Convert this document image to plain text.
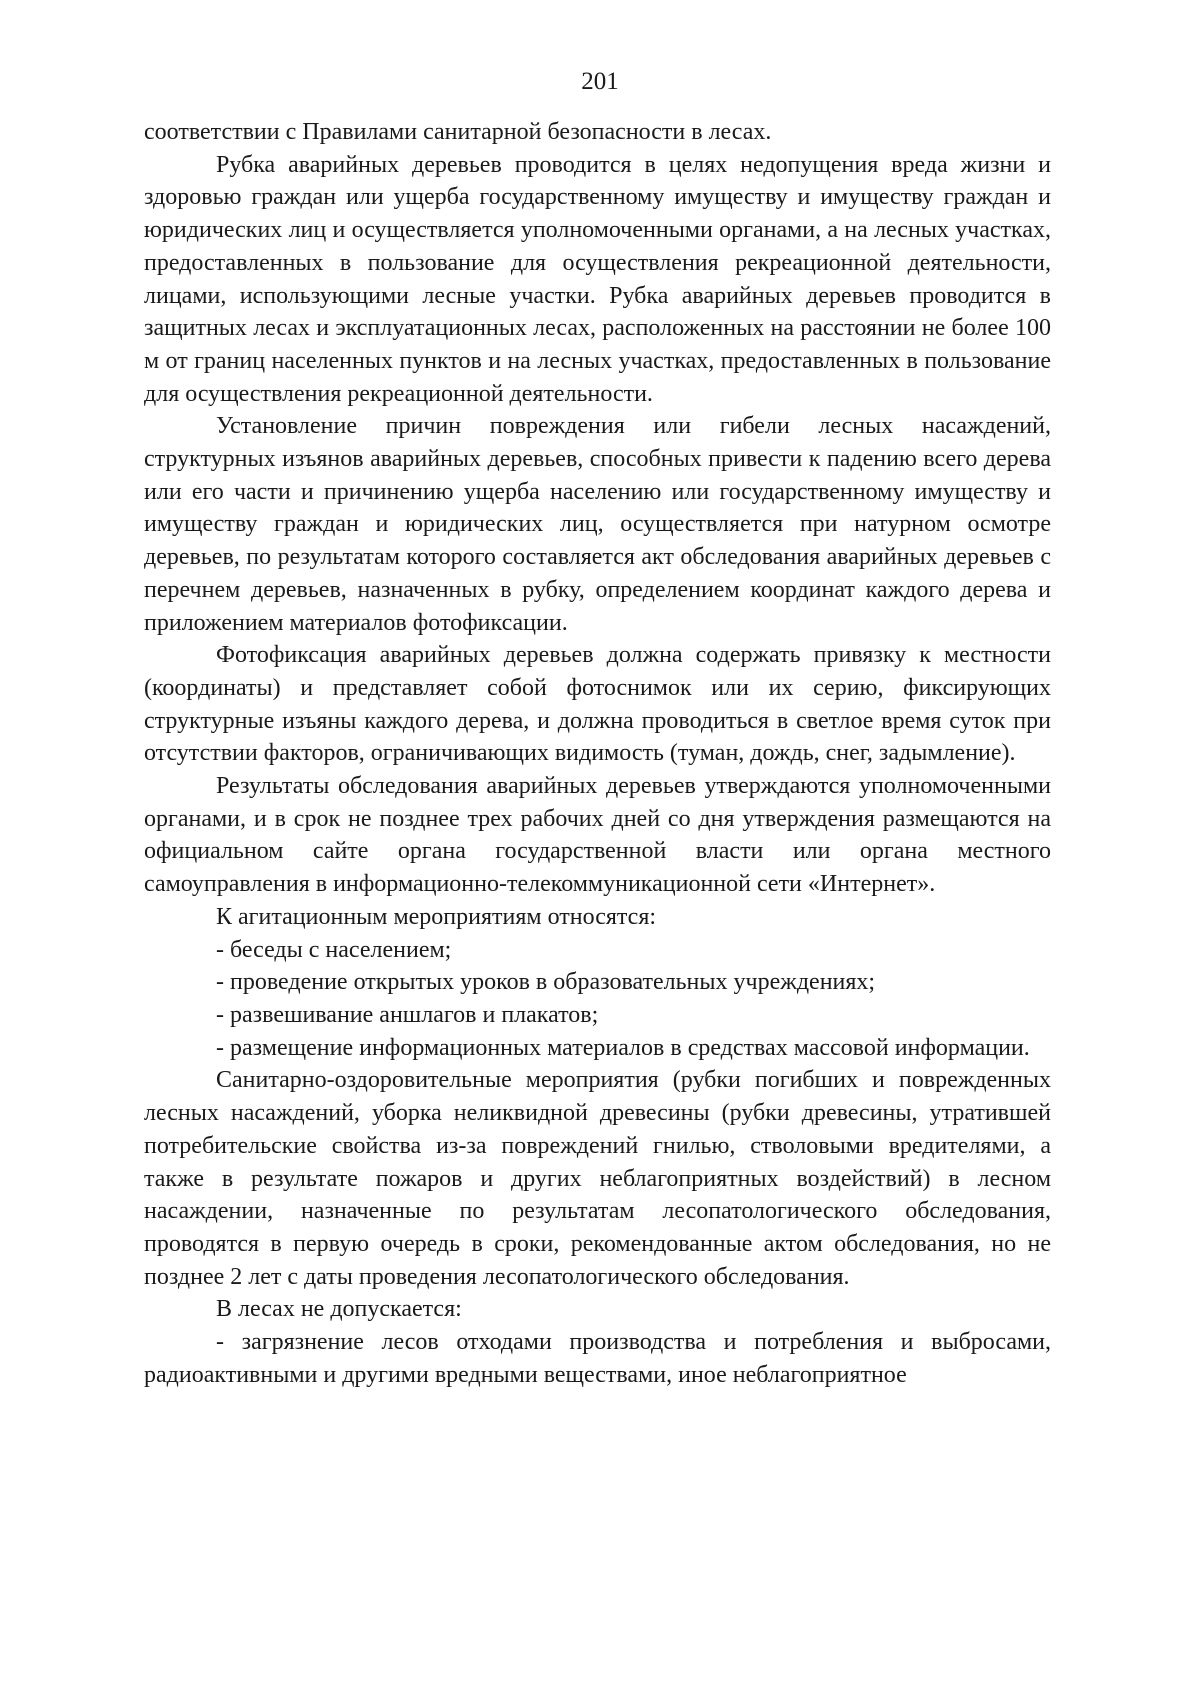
201

соответствии с Правилами санитарной безопасности в лесах.

Рубка аварийных деревьев проводится в целях недопущения вреда жизни и здоровью граждан или ущерба государственному имуществу и имуществу граждан и юридических лиц и осуществляется уполномоченными органами, а на лесных участках, предоставленных в пользование для осуществления рекреационной деятельности, лицами, использующими лесные участки. Рубка аварийных деревьев проводится в защитных лесах и эксплуатационных лесах, расположенных на расстоянии не более 100 м от границ населенных пунктов и на лесных участках, предоставленных в пользование для осуществления рекреационной деятельности.

Установление причин повреждения или гибели лесных насаждений, структурных изъянов аварийных деревьев, способных привести к падению всего дерева или его части и причинению ущерба населению или государственному имуществу и имуществу граждан и юридических лиц, осуществляется при натурном осмотре деревьев, по результатам которого составляется акт обследования аварийных деревьев с перечнем деревьев, назначенных в рубку, определением координат каждого дерева и приложением материалов фотофиксации.

Фотофиксация аварийных деревьев должна содержать привязку к местности (координаты) и представляет собой фотоснимок или их серию, фиксирующих структурные изъяны каждого дерева, и должна проводиться в светлое время суток при отсутствии факторов, ограничивающих видимость (туман, дождь, снег, задымление).

Результаты обследования аварийных деревьев утверждаются уполномоченными органами, и в срок не позднее трех рабочих дней со дня утверждения размещаются на официальном сайте органа государственной власти или органа местного самоуправления в информационно-телекоммуникационной сети «Интернет».

К агитационным мероприятиям относятся:

- беседы с населением;

- проведение открытых уроков в образовательных учреждениях;

- развешивание аншлагов и плакатов;

- размещение информационных материалов в средствах массовой информации.

Санитарно-оздоровительные мероприятия (рубки погибших и поврежденных лесных насаждений, уборка неликвидной древесины (рубки древесины, утратившей потребительские свойства из-за повреждений гнилью, стволовыми вредителями, а также в результате пожаров и других неблагоприятных воздействий) в лесном насаждении, назначенные по результатам лесопатологического обследования, проводятся в первую очередь в сроки, рекомендованные актом обследования, но не позднее 2 лет с даты проведения лесопатологического обследования.

В лесах не допускается:

- загрязнение лесов отходами производства и потребления и выбросами, радиоактивными и другими вредными веществами, иное неблагоприятное
